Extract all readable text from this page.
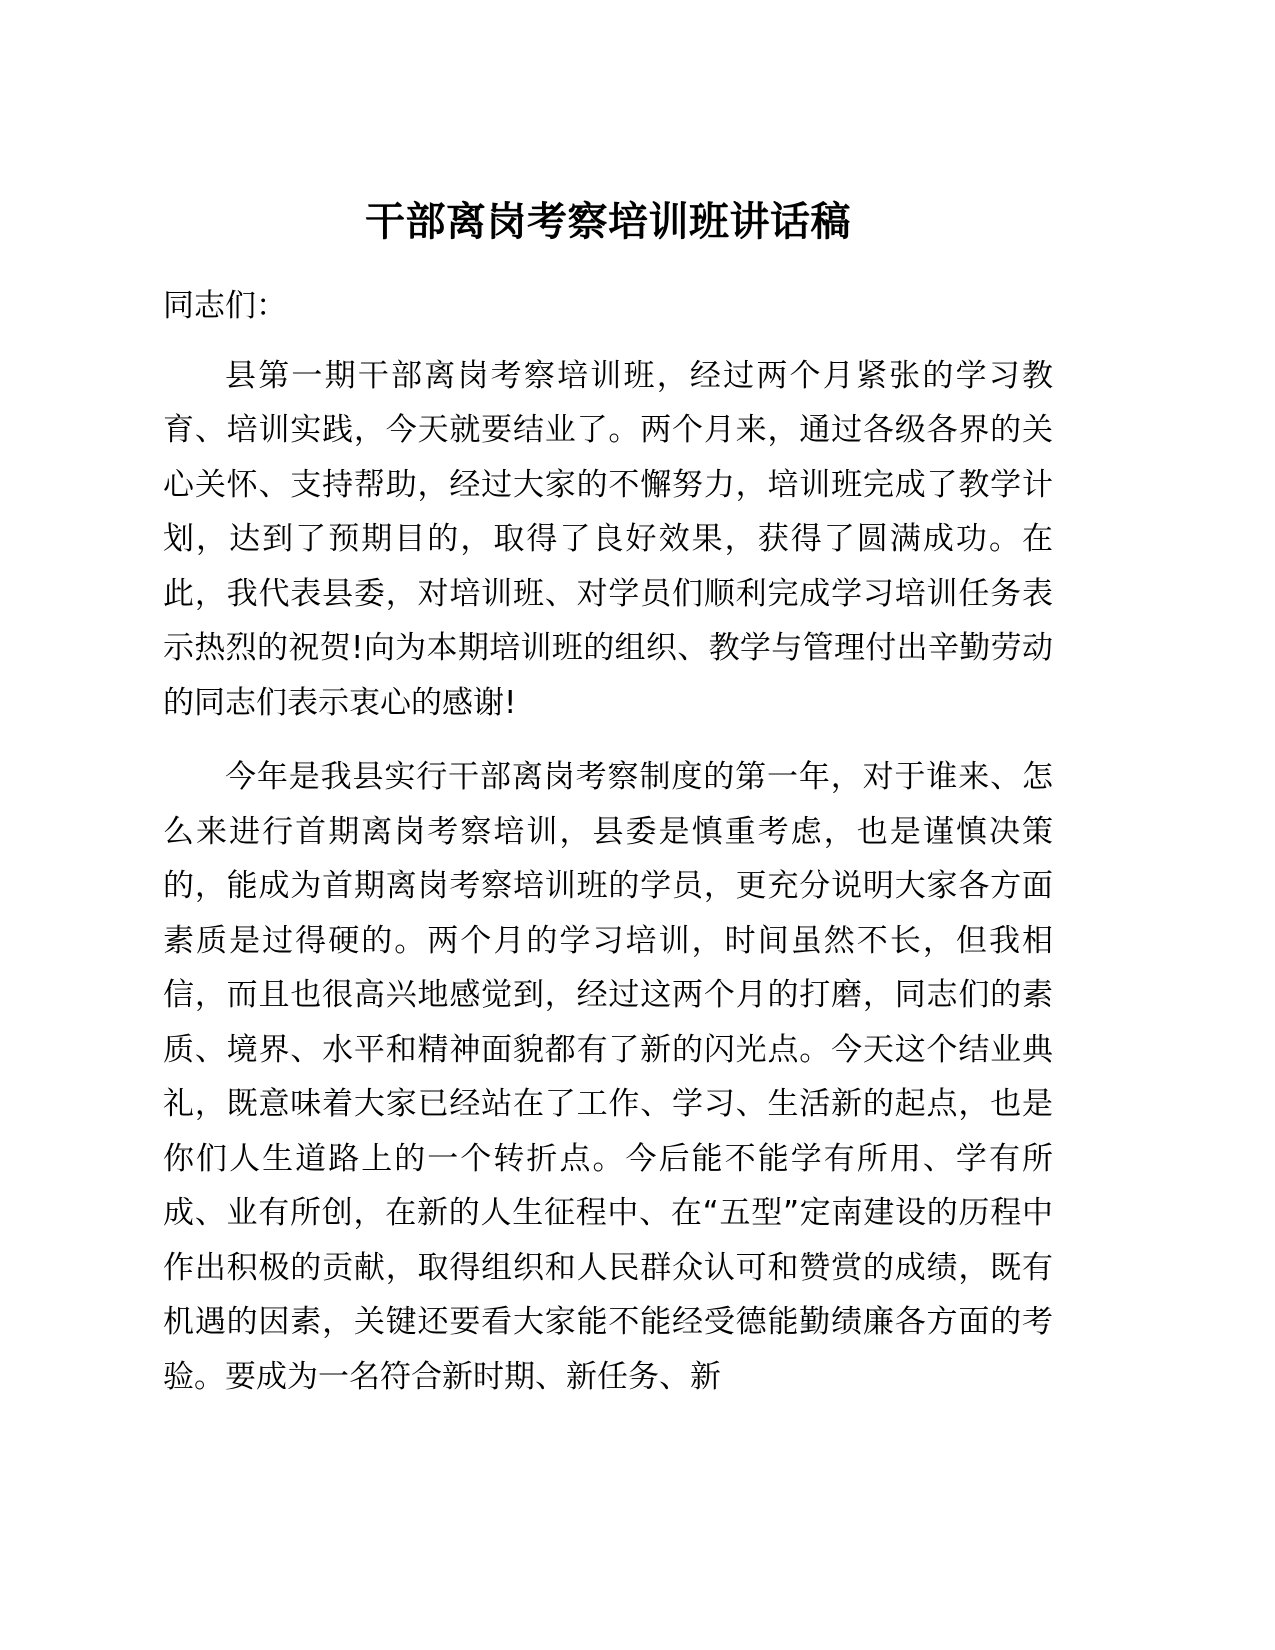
干部离岗考察培训班讲话稿

同志们：

县第一期干部离岗考察培训班，经过两个月紧张的学习教育、培训实践，今天就要结业了。两个月来，通过各级各界的关心关怀、支持帮助，经过大家的不懈努力，培训班完成了教学计划，达到了预期目的，取得了良好效果，获得了圆满成功。在此，我代表县委，对培训班、对学员们顺利完成学习培训任务表示热烈的祝贺!向为本期培训班的组织、教学与管理付出辛勤劳动的同志们表示衷心的感谢!

今年是我县实行干部离岗考察制度的第一年，对于谁来、怎么来进行首期离岗考察培训，县委是慎重考虑，也是谨慎决策的，能成为首期离岗考察培训班的学员，更充分说明大家各方面素质是过得硬的。两个月的学习培训，时间虽然不长，但我相信，而且也很高兴地感觉到，经过这两个月的打磨，同志们的素质、境界、水平和精神面貌都有了新的闪光点。今天这个结业典礼，既意味着大家已经站在了工作、学习、生活新的起点，也是你们人生道路上的一个转折点。今后能不能学有所用、学有所成、业有所创，在新的人生征程中、在“五型”定南建设的历程中作出积极的贡献，取得组织和人民群众认可和赞赏的成绩，既有机遇的因素，关键还要看大家能不能经受德能勤绩廉各方面的考验。要成为一名符合新时期、新任务、新
